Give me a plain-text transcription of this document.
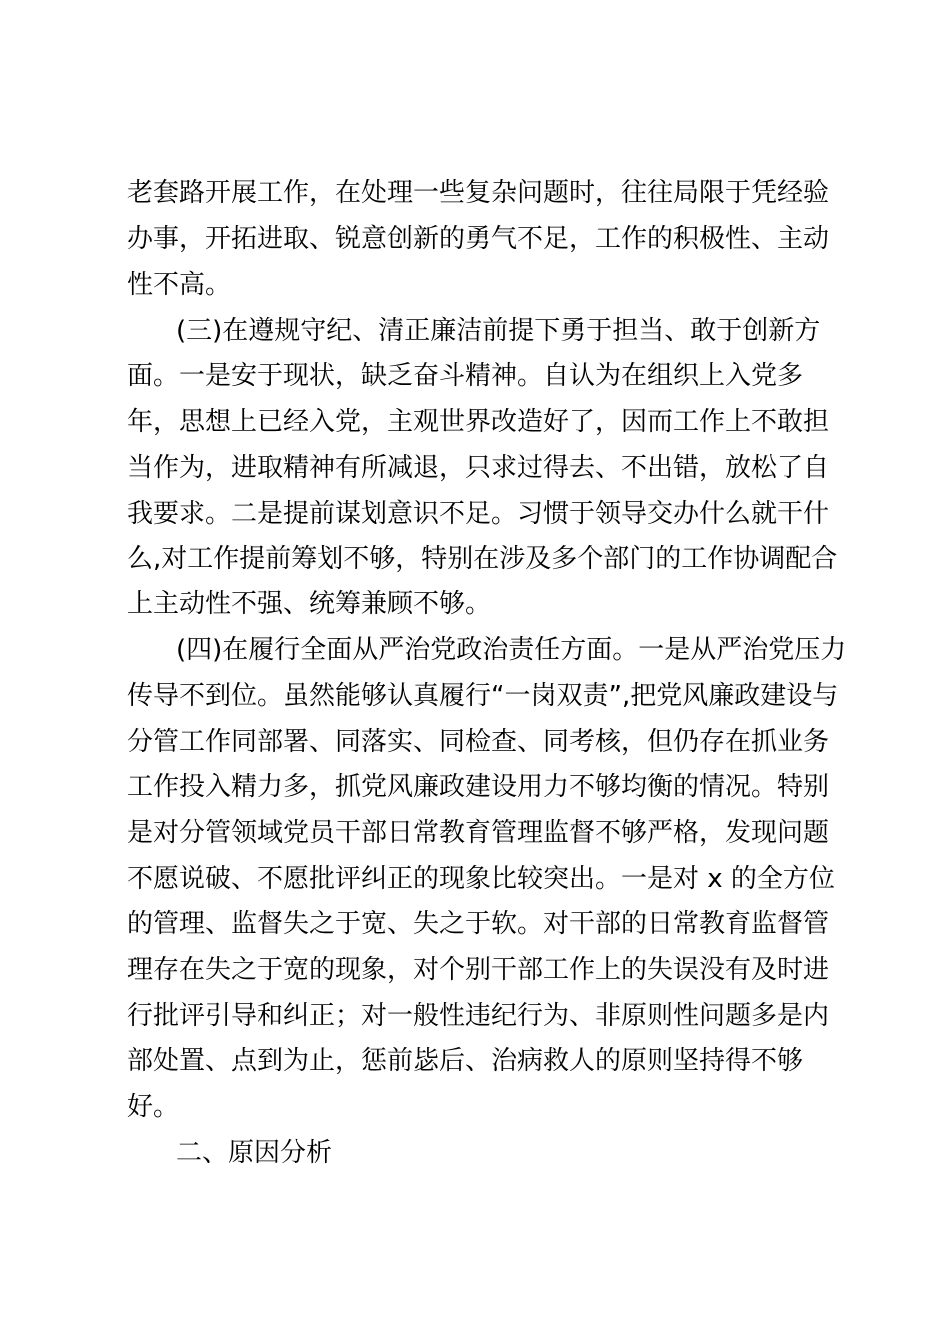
老套路开展工作，在处理一些复杂问题时，往往局限于凭经验
办事，开拓进取、锐意创新的勇气不足，工作的积极性、主动
性不高。
(三)在遵规守纪、清正廉洁前提下勇于担当、敢于创新方
面。一是安于现状，缺乏奋斗精神。自认为在组织上入党多
年，思想上已经入党，主观世界改造好了，因而工作上不敢担
当作为，进取精神有所减退，只求过得去、不出错，放松了自
我要求。二是提前谋划意识不足。习惯于领导交办什么就干什
么,对工作提前筹划不够，特别在涉及多个部门的工作协调配合
上主动性不强、统筹兼顾不够。
(四)在履行全面从严治党政治责任方面。一是从严治党压力
传导不到位。虽然能够认真履行“一岗双责”,把党风廉政建设与
分管工作同部署、同落实、同检查、同考核，但仍存在抓业务
工作投入精力多，抓党风廉政建设用力不够均衡的情况。特别
是对分管领域党员干部日常教育管理监督不够严格，发现问题
不愿说破、不愿批评纠正的现象比较突出。一是对 x 的全方位
的管理、监督失之于宽、失之于软。对干部的日常教育监督管
理存在失之于宽的现象，对个别干部工作上的失误没有及时进
行批评引导和纠正；对一般性违纪行为、非原则性问题多是内
部处置、点到为止，惩前毖后、治病救人的原则坚持得不够
好。
二、原因分析
